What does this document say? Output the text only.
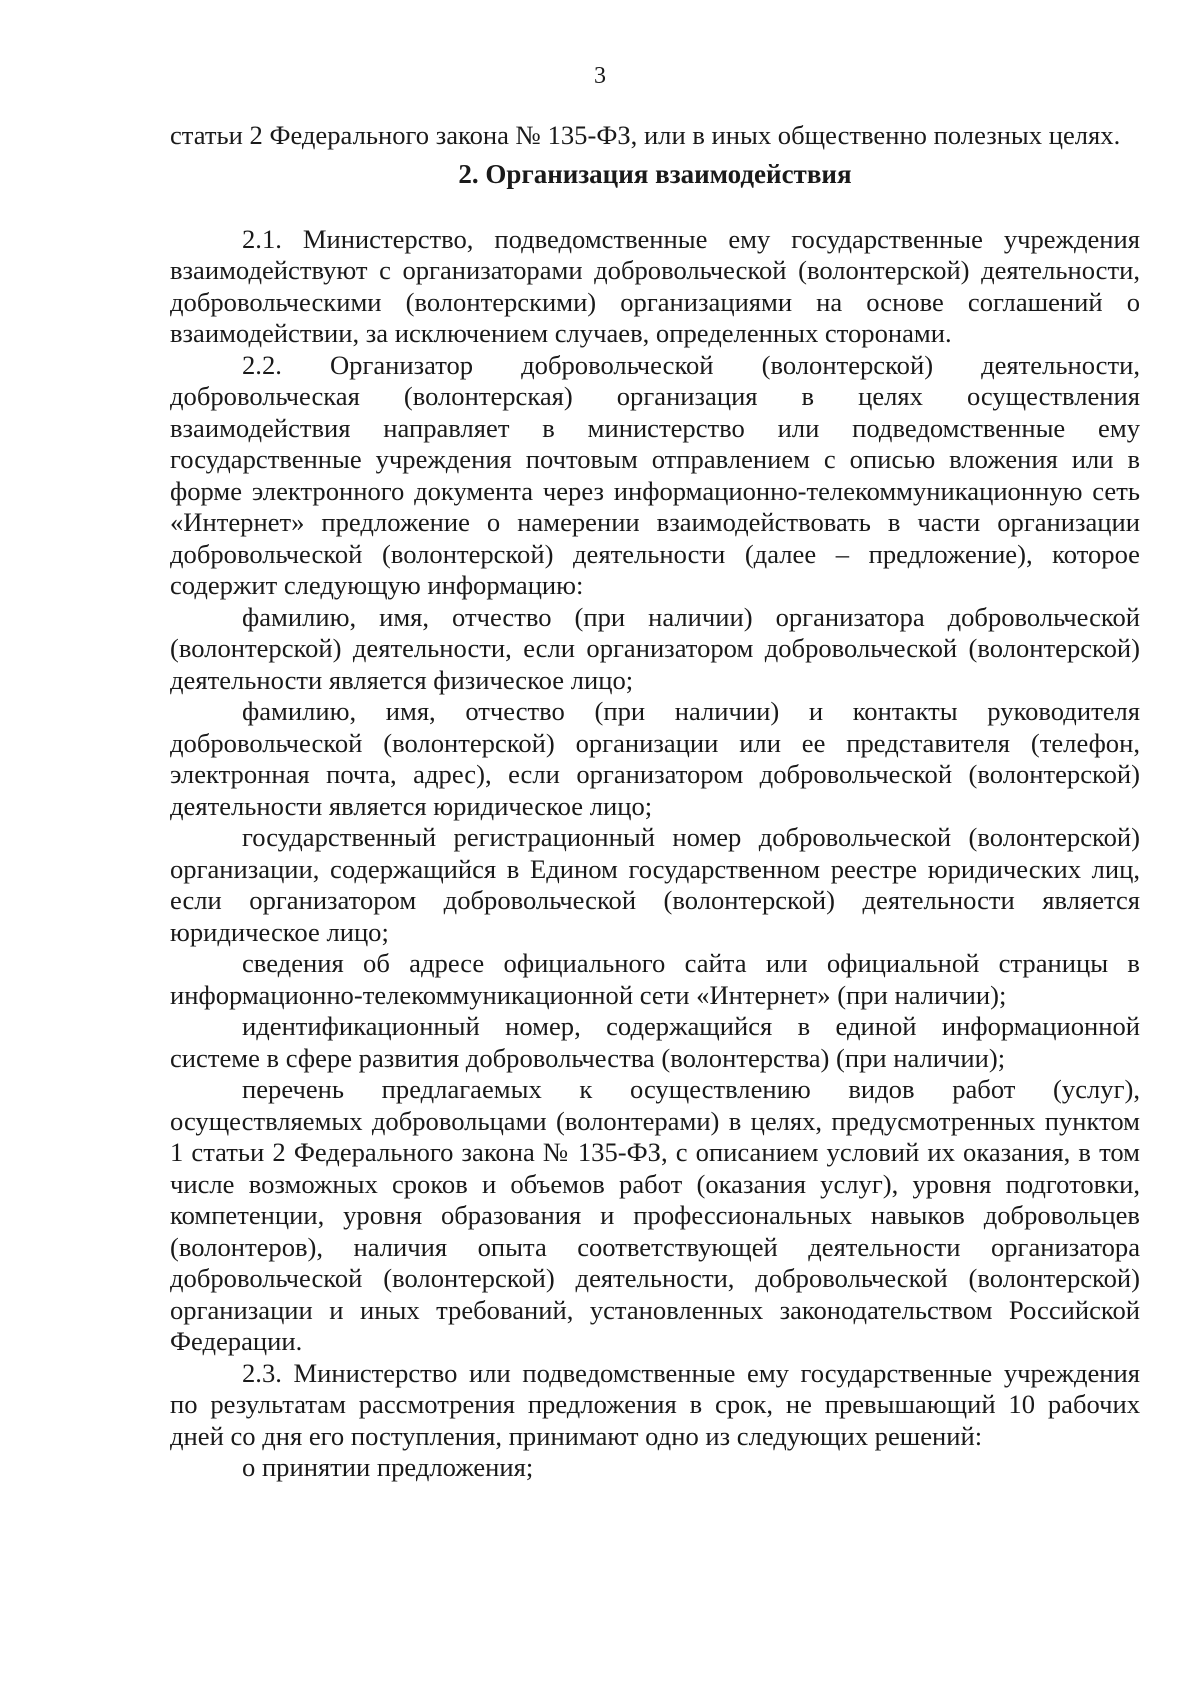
3

статьи 2 Федерального закона № 135-ФЗ, или в иных общественно полезных целях.

2. Организация взаимодействия

2.1. Министерство, подведомственные ему государственные учреждения взаимодействуют с организаторами добровольческой (волонтерской) деятельности, добровольческими (волонтерскими) организациями на основе соглашений о взаимодействии, за исключением случаев, определенных сторонами.

2.2. Организатор добровольческой (волонтерской) деятельности, добровольческая (волонтерская) организация в целях осуществления взаимодействия направляет в министерство или подведомственные ему государственные учреждения почтовым отправлением с описью вложения или в форме электронного документа через информационно-телекоммуникационную сеть «Интернет» предложение о намерении взаимодействовать в части организации добровольческой (волонтерской) деятельности (далее – предложение), которое содержит следующую информацию:

фамилию, имя, отчество (при наличии) организатора добровольческой (волонтерской) деятельности, если организатором добровольческой (волонтерской) деятельности является физическое лицо;

фамилию, имя, отчество (при наличии) и контакты руководителя добровольческой (волонтерской) организации или ее представителя (телефон, электронная почта, адрес), если организатором добровольческой (волонтерской) деятельности является юридическое лицо;

государственный регистрационный номер добровольческой (волонтерской) организации, содержащийся в Едином государственном реестре юридических лиц, если организатором добровольческой (волонтерской) деятельности является юридическое лицо;

сведения об адресе официального сайта или официальной страницы в информационно-телекоммуникационной сети «Интернет» (при наличии);

идентификационный номер, содержащийся в единой информационной системе в сфере развития добровольчества (волонтерства) (при наличии);

перечень предлагаемых к осуществлению видов работ (услуг), осуществляемых добровольцами (волонтерами) в целях, предусмотренных пунктом 1 статьи 2 Федерального закона № 135-ФЗ, с описанием условий их оказания, в том числе возможных сроков и объемов работ (оказания услуг), уровня подготовки, компетенции, уровня образования и профессиональных навыков добровольцев (волонтеров), наличия опыта соответствующей деятельности организатора добровольческой (волонтерской) деятельности, добровольческой (волонтерской) организации и иных требований, установленных законодательством Российской Федерации.

2.3. Министерство или подведомственные ему государственные учреждения по результатам рассмотрения предложения в срок, не превышающий 10 рабочих дней со дня его поступления, принимают одно из следующих решений:

о принятии предложения;
